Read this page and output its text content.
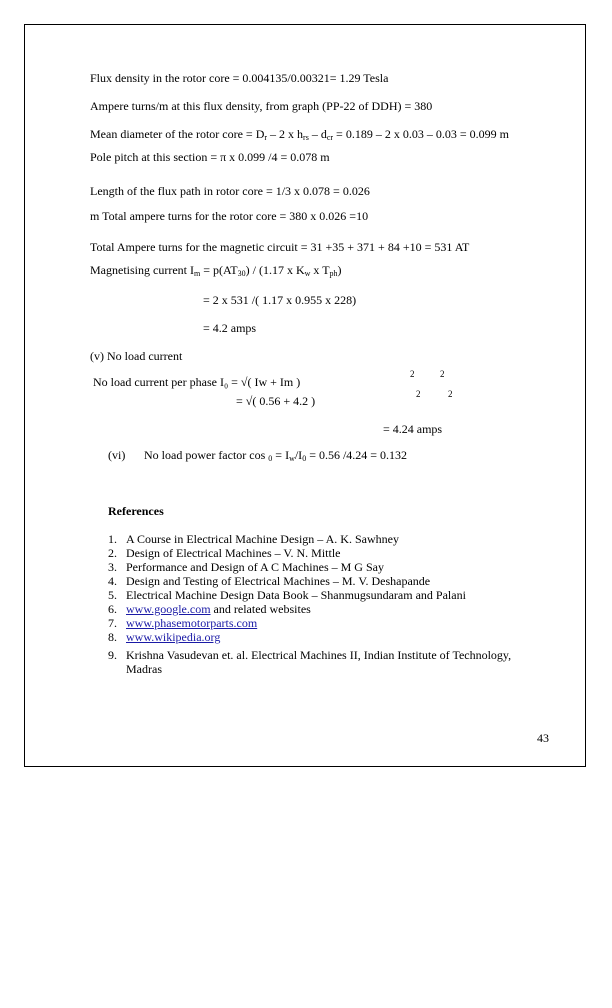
Flux density in the rotor core = 0.004135/0.00321= 1.29 Tesla
Ampere turns/m at this flux density, from graph (PP-22 of DDH) = 380
Mean diameter of the rotor core = $D_r - 2$ x $h_{rs} - d_{cr} = 0.189 - 2$ x 0.03 – 0.03 = 0.099 m
Pole pitch at this section = π x 0.099 /4 = 0.078 m
Length of the flux path in rotor core = 1/3 x 0.078 = 0.026
m Total ampere turns for the rotor core = 380 x 0.026 =10
Total Ampere turns for the magnetic circuit = 31 +35 + 371 + 84 +10 = 531 AT
Magnetising current $I_m = p(AT_{30}) / (1.17$ x $K_w$ x $T_{ph}$)
= 2 x 531 /( 1.17 x 0.955 x 228)
= 4.2 amps
(v) No load current
2	2
No load current per phase I₀ = √( Iw + Im )
2	2
= √( 0.56 + 4.2 )
= 4.24 amps
(vi) No load power factor $\cos _0 = I_w/I_0 = 0.56$ /4.24 = 0.132
References
1. A Course in Electrical Machine Design – A. K. Sawhney
2. Design of Electrical Machines – V. N. Mittle
3. Performance and Design of A C Machines – M G Say
4. Design and Testing of Electrical Machines – M. V. Deshapande
5. Electrical Machine Design Data Book – Shanmugsundaram and Palani
6. www.google.com and related websites
7. www.phasemotorparts.com
8. www.wikipedia.org
9. Krishna Vasudevan et. al. Electrical Machines II, Indian Institute of Technology, Madras
43
